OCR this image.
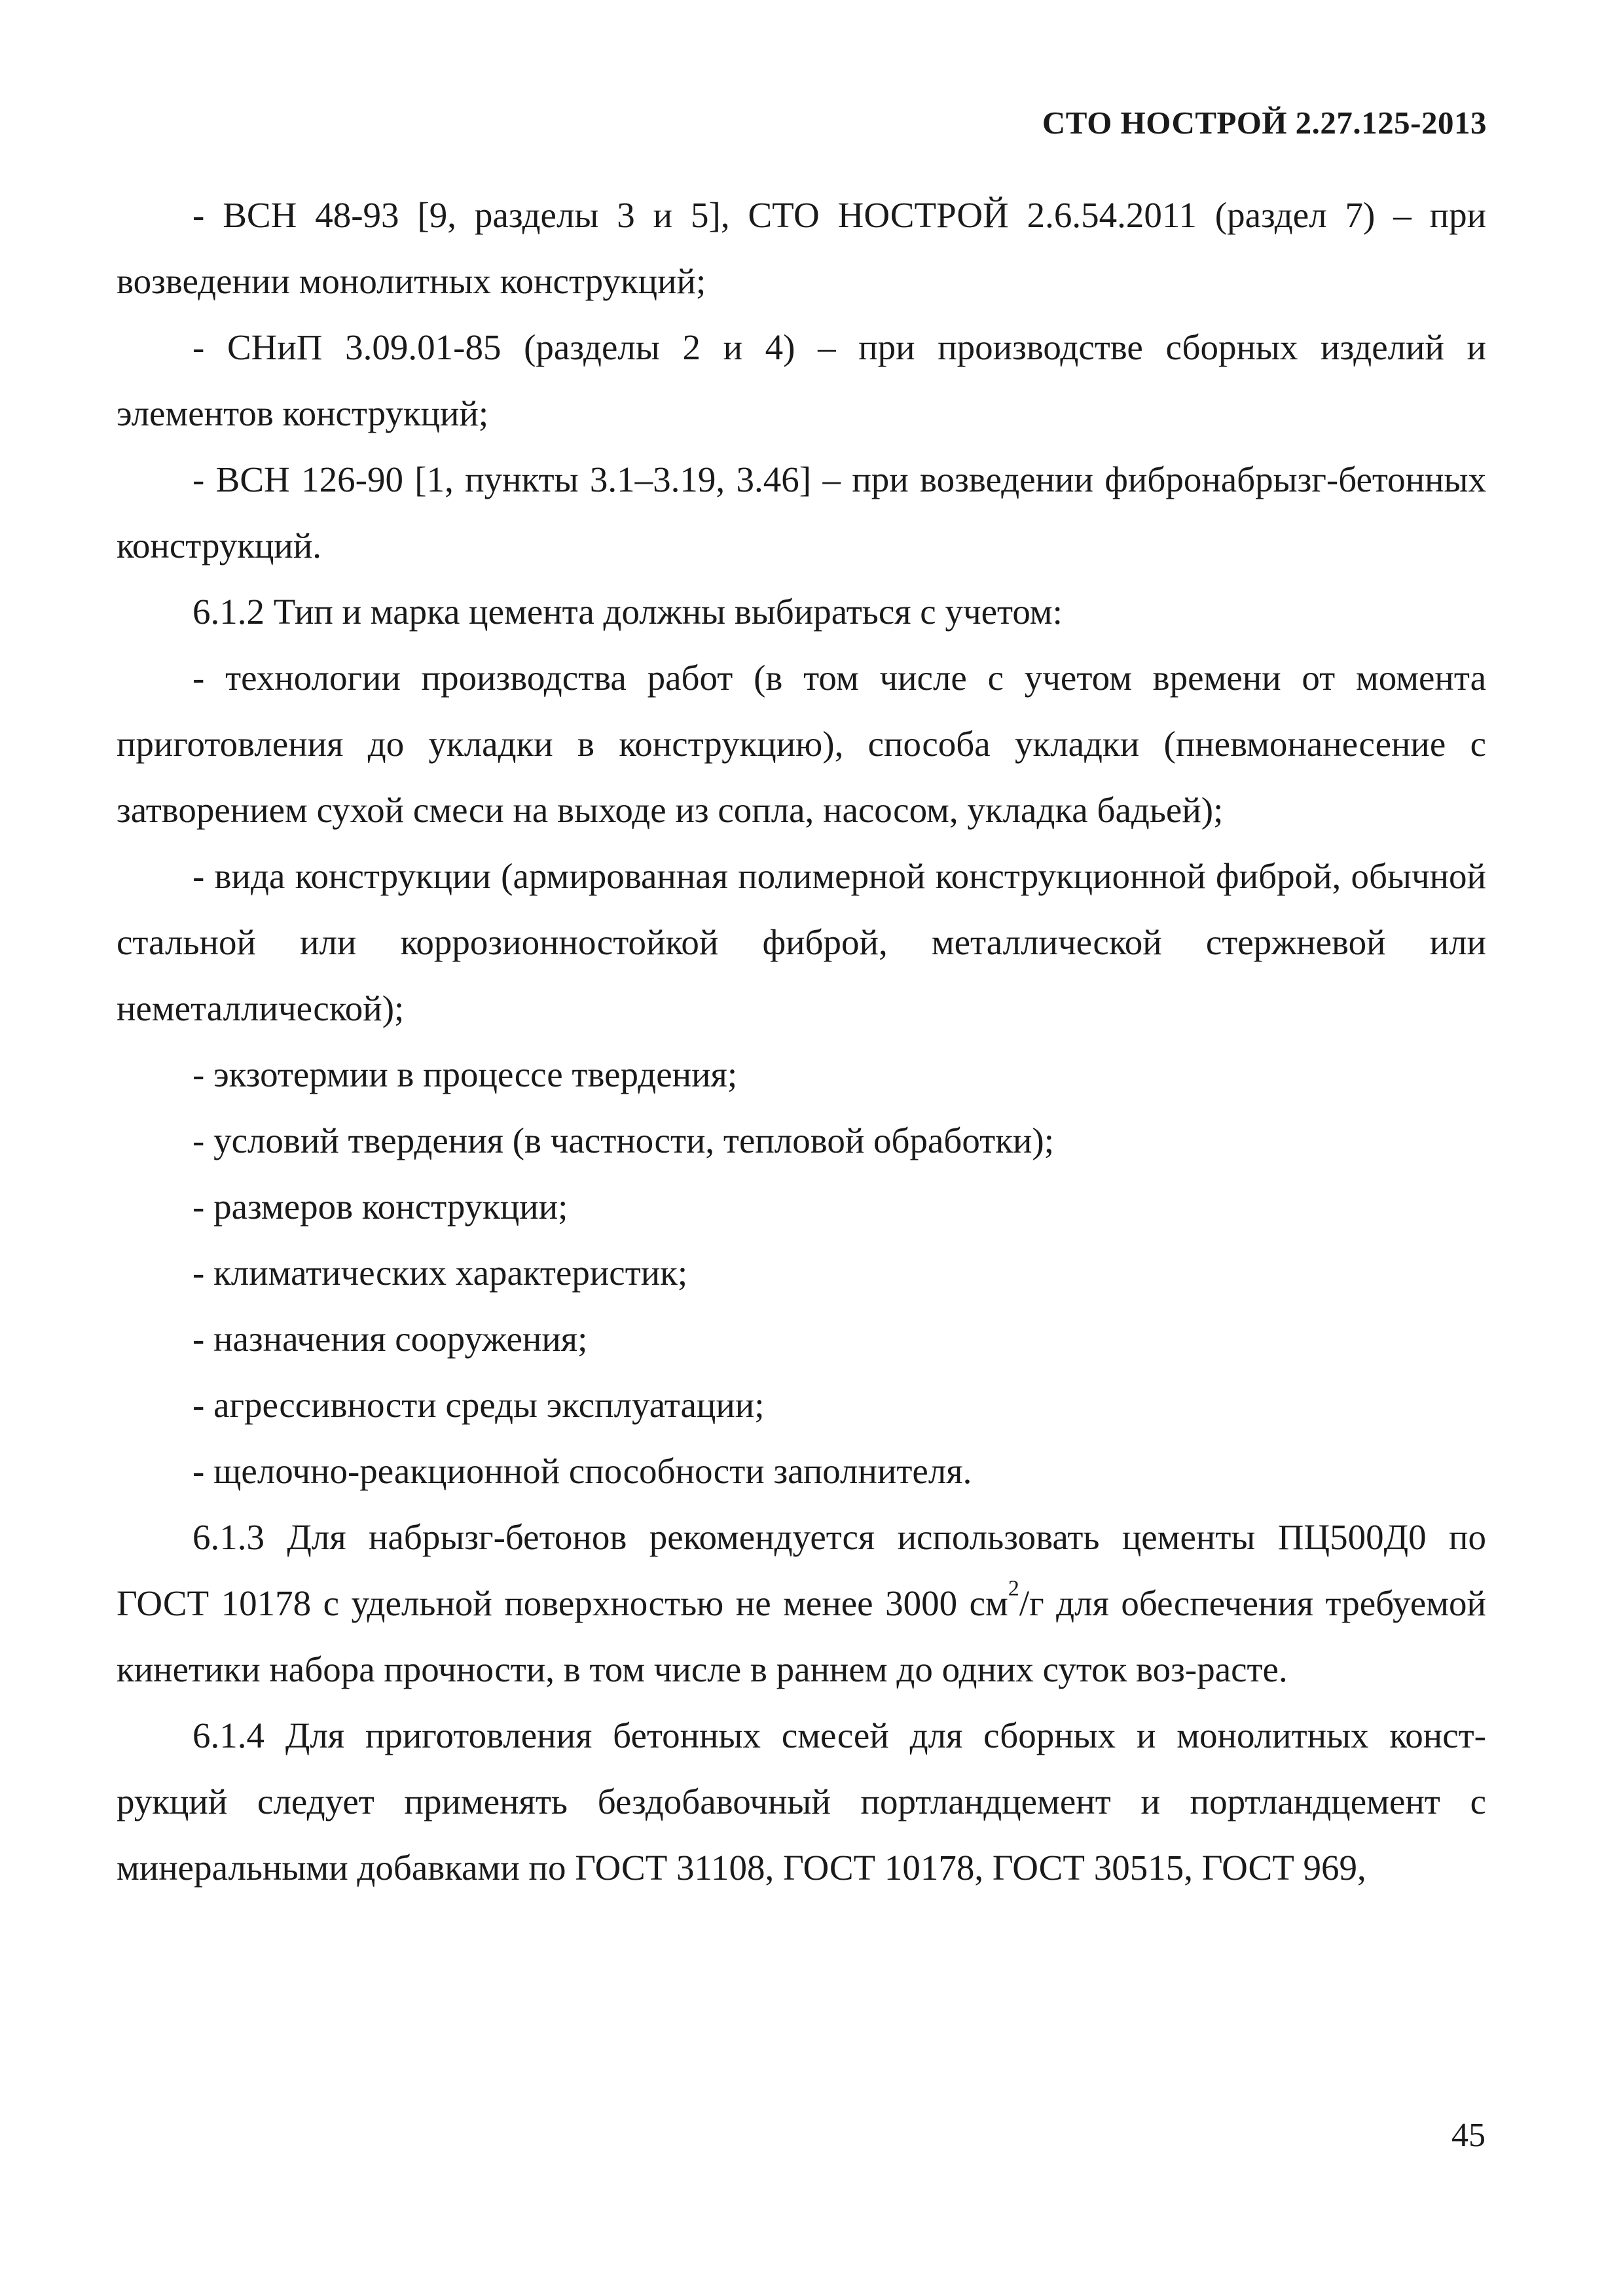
СТО НОСТРОЙ 2.27.125-2013

- ВСН 48-93 [9, разделы 3 и 5], СТО НОСТРОЙ 2.6.54.2011 (раздел 7) – при возведении монолитных конструкций;

- СНиП 3.09.01-85 (разделы 2 и 4) – при производстве сборных изделий и элементов конструкций;

- ВСН 126-90 [1, пункты 3.1–3.19, 3.46] – при возведении фибронабрызг-бетонных конструкций.

6.1.2 Тип и марка цемента должны выбираться с учетом:

- технологии производства работ (в том числе с учетом времени от момента приготовления до укладки в конструкцию), способа укладки (пневмонанесение с затворением сухой смеси на выходе из сопла, насосом, укладка бадьей);

- вида конструкции (армированная полимерной конструкционной фиброй, обычной стальной или коррозионностойкой фиброй, металлической стержневой или неметаллической);

- экзотермии в процессе твердения;

- условий твердения (в частности, тепловой обработки);

- размеров конструкции;

- климатических характеристик;

- назначения сооружения;

- агрессивности среды эксплуатации;

- щелочно-реакционной способности заполнителя.

6.1.3 Для набрызг-бетонов рекомендуется использовать цементы ПЦ500Д0 по ГОСТ 10178 с удельной поверхностью не менее 3000 $см^2/г$ для обеспечения требуемой кинетики набора прочности, в том числе в раннем до одних суток воз-расте.

6.1.4 Для приготовления бетонных смесей для сборных и монолитных конст-рукций следует применять бездобавочный портландцемент и портландцемент с минеральными добавками по ГОСТ 31108, ГОСТ 10178, ГОСТ 30515, ГОСТ 969,

45
